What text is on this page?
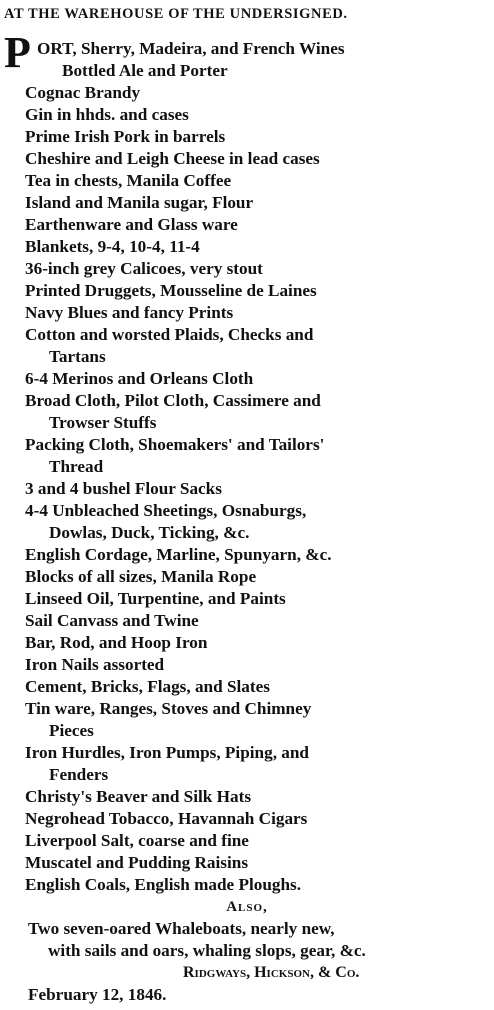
AT THE WAREHOUSE OF THE UNDERSIGNED.
P ORT, Sherry, Madeira, and French Wines
Bottled Ale and Porter
Cognac Brandy
Gin in hhds. and cases
Prime Irish Pork in barrels
Cheshire and Leigh Cheese in lead cases
Tea in chests, Manila Coffee
Island and Manila sugar, Flour
Earthenware and Glass ware
Blankets, 9-4, 10-4, 11-4
36-inch grey Calicoes, very stout
Printed Druggets, Mousseline de Laines
Navy Blues and fancy Prints
Cotton and worsted Plaids, Checks and
Tartans
6-4 Merinos and Orleans Cloth
Broad Cloth, Pilot Cloth, Cassimere and
Trowser Stuffs
Packing Cloth, Shoemakers' and Tailors'
Thread
3 and 4 bushel Flour Sacks
4-4 Unbleached Sheetings, Osnaburgs,
Dowlas, Duck, Ticking, &c.
English Cordage, Marline, Spunyarn, &c.
Blocks of all sizes, Manila Rope
Linseed Oil, Turpentine, and Paints
Sail Canvass and Twine
Bar, Rod, and Hoop Iron
Iron Nails assorted
Cement, Bricks, Flags, and Slates
Tin ware, Ranges, Stoves and Chimney
Pieces
Iron Hurdles, Iron Pumps, Piping, and
Fenders
Christy's Beaver and Silk Hats
Negrohead Tobacco, Havannah Cigars
Liverpool Salt, coarse and fine
Muscatel and Pudding Raisins
English Coals, English made Ploughs.
Also,
Two seven-oared Whaleboats, nearly new,
with sails and oars, whaling slops, gear, &c.
Ridgways, Hickson, & Co.
February 12, 1846.
